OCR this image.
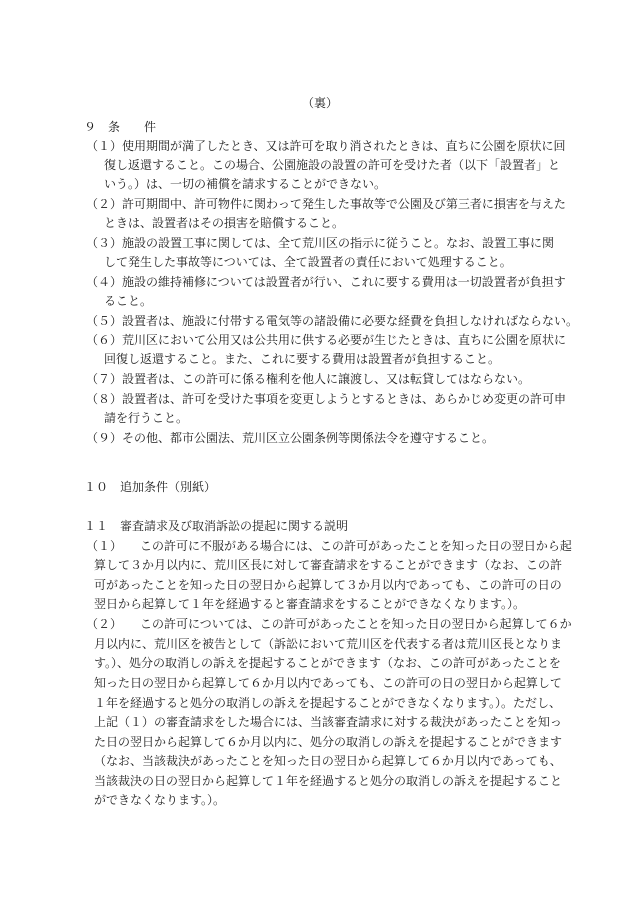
（裏）
９　条　　件
（１）使用期間が満了したとき、又は許可を取り消されたときは、直ちに公園を原状に回
復し返還すること。この場合、公園施設の設置の許可を受けた者（以下「設置者」と
いう。）は、一切の補償を請求することができない。
（２）許可期間中、許可物件に関わって発生した事故等で公園及び第三者に損害を与えた
ときは、設置者はその損害を賠償すること。
（３）施設の設置工事に関しては、全て荒川区の指示に従うこと。なお、設置工事に関
して発生した事故等については、全て設置者の責任において処理すること。
（４）施設の維持補修については設置者が行い、これに要する費用は一切設置者が負担す
ること。
（５）設置者は、施設に付帯する電気等の諸設備に必要な経費を負担しなければならない。
（６）荒川区において公用又は公共用に供する必要が生じたときは、直ちに公園を原状に
回復し返還すること。また、これに要する費用は設置者が負担すること。
（７）設置者は、この許可に係る権利を他人に譲渡し、又は転貸してはならない。
（８）設置者は、許可を受けた事項を変更しようとするときは、あらかじめ変更の許可申
請を行うこと。
（９）その他、都市公園法、荒川区立公園条例等関係法令を遵守すること。
１０　追加条件（別紙）
１１　審査請求及び取消訴訟の提起に関する説明
（１）　　この許可に不服がある場合には、この許可があったことを知った日の翌日から起
算して３か月以内に、荒川区長に対して審査請求をすることができます（なお、この許
可があったことを知った日の翌日から起算して３か月以内であっても、この許可の日の
翌日から起算して１年を経過すると審査請求をすることができなくなります。）。
（２）　　この許可については、この許可があったことを知った日の翌日から起算して６か
月以内に、荒川区を被告として（訴訟において荒川区を代表する者は荒川区長となりま
す。）、処分の取消しの訴えを提起することができます（なお、この許可があったことを
知った日の翌日から起算して６か月以内であっても、この許可の日の翌日から起算して
１年を経過すると処分の取消しの訴えを提起することができなくなります。）。ただし、
上記（１）の審査請求をした場合には、当該審査請求に対する裁決があったことを知っ
た日の翌日から起算して６か月以内に、処分の取消しの訴えを提起することができます
（なお、当該裁決があったことを知った日の翌日から起算して６か月以内であっても、
当該裁決の日の翌日から起算して１年を経過すると処分の取消しの訴えを提起すること
ができなくなります。）。
